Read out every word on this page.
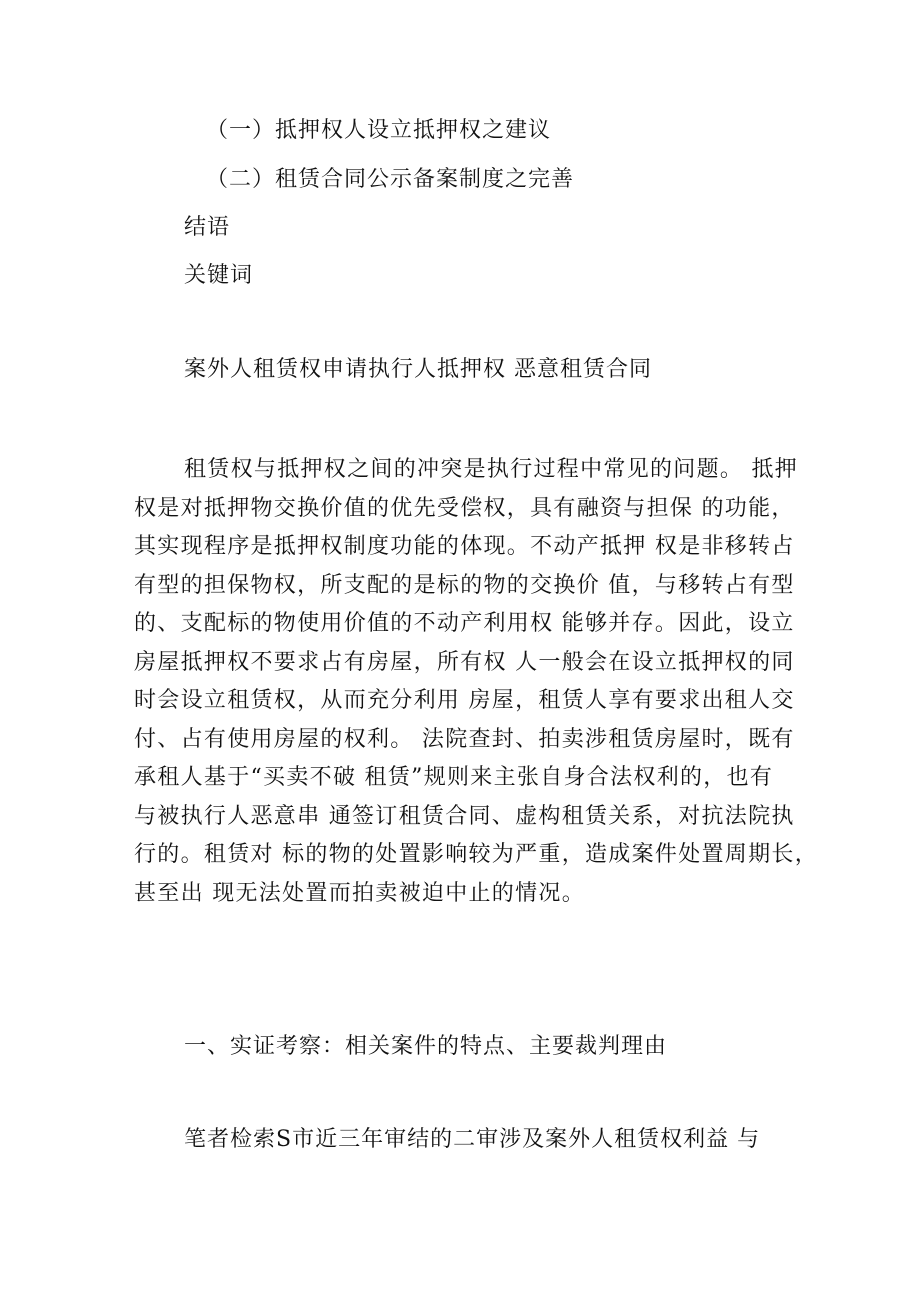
（一）抵押权人设立抵押权之建议
（二）租赁合同公示备案制度之完善
结语
关键词
案外人租赁权申请执行人抵押权 恶意租赁合同
租赁权与抵押权之间的冲突是执行过程中常见的问题。 抵押
权是对抵押物交换价值的优先受偿权，具有融资与担保 的功能，
其实现程序是抵押权制度功能的体现。不动产抵押 权是非移转占
有型的担保物权，所支配的是标的物的交换价 值，与移转占有型
的、支配标的物使用价值的不动产利用权 能够并存。因此，设立
房屋抵押权不要求占有房屋，所有权 人一般会在设立抵押权的同
时会设立租赁权，从而充分利用 房屋，租赁人享有要求出租人交
付、占有使用房屋的权利。 法院查封、拍卖涉租赁房屋时，既有
承租人基于“买卖不破 租赁”规则来主张自身合法权利的，也有
与被执行人恶意串 通签订租赁合同、虚构租赁关系，对抗法院执
行的。租赁对 标的物的处置影响较为严重，造成案件处置周期长，
甚至出 现无法处置而拍卖被迫中止的情况。
一、实证考察：相关案件的特点、主要裁判理由
笔者检索S市近三年审结的二审涉及案外人租赁权利益 与
